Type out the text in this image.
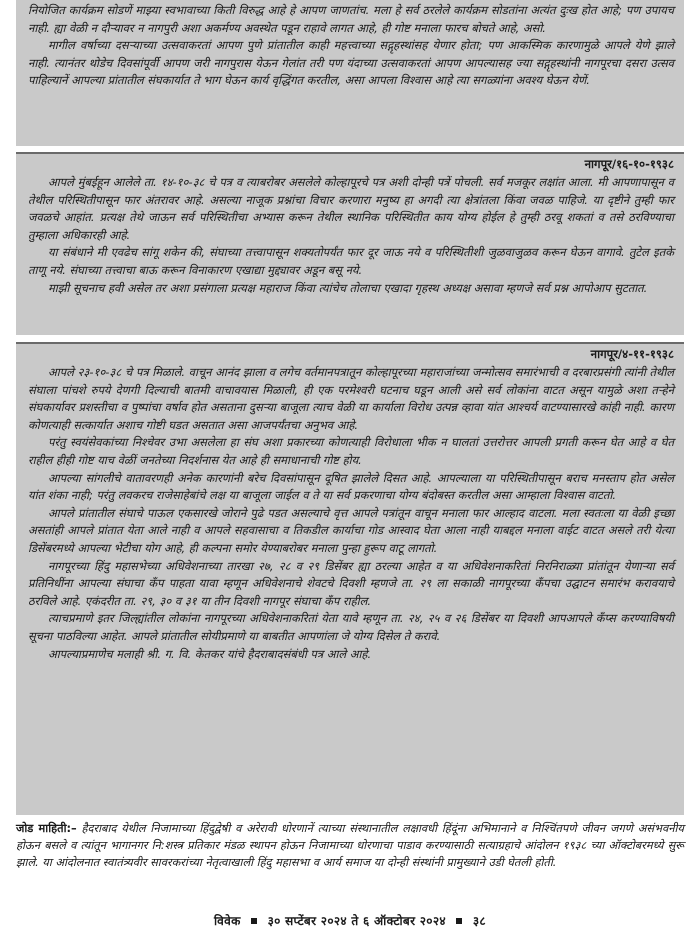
नियोजित कार्यक्रम सोडणें माझ्या स्वभावाच्या किती विरुद्ध आहे हे आपण जाणतांच. मला हे सर्व ठरलेले कार्यक्रम सोडतांना अत्यंत दुःख होत आहे; पण उपायच नाही. ह्या वेळी न दौऱ्यावर न नागपुरी अशा अकर्मण्य अवस्थेत पडून राहावे लागत आहे, ही गोष्ट मनाला फारच बोचते आहे, असो.

मागील वर्षाच्या दसऱ्याच्या उत्सवाकरतां आपण पुणे प्रांतातील काही महत्त्वाच्या सद्गृहस्थांसह येणार होता; पण आकस्मिक कारणामुळे आपले येणे झाले नाही. त्यानंतर थोडेच दिवसांपूर्वी आपण जरी नागपुरास येऊन गेलांत तरी पण यंदाच्या उत्सवाकरतां आपण आपल्यासह ज्या सद्गृहस्थांनी नागपूरचा दसरा उत्सव पाहिल्यानें आपल्या प्रांतातील संघकार्यात ते भाग घेऊन कार्य वृद्धिंगत करतील, असा आपला विश्वास आहे त्या सगळ्यांना अवश्य घेऊन येणें.

नागपूर/१६-१०-१९३८

आपले मुंबईहून आलेले ता. १४-१०-३८ चे पत्र व त्याबरोबर असलेले कोल्हापूरचे पत्र अशी दोन्ही पत्रें पोचली. सर्व मजकूर लक्षांत आला. मी आपणापासून व तेथील परिस्थितीपासून फार अंतरावर आहे. असल्या नाजूक प्रश्नांचा विचार करणारा मनुष्य हा अगदी त्या क्षेत्रांतला किंवा जवळ पाहिजे. या दृष्टीने तुम्ही फार जवळचे आहांत. प्रत्यक्ष तेथे जाऊन सर्व परिस्थितीचा अभ्यास करून तेथील स्थानिक परिस्थितीत काय योग्य होईल हे तुम्ही ठरवू शकतां व तसे ठरविण्याचा तुम्हाला अधिकारही आहे.

या संबंधाने मी एवढेच सांगू शकेन की, संघाच्या तत्त्वापासून शक्यतोपर्यंत फार दूर जाऊ नये व परिस्थितीशी जुळवाजुळव करून घेऊन वागावे. तुटेल इतके ताणू नये. संघाच्या तत्त्वाचा बाऊ करून विनाकारण एखाद्या मुद्द्यावर अडून बसू नये.

माझी सूचनाच हवी असेल तर अशा प्रसंगाला प्रत्यक्ष महाराज किंवा त्यांचेच तोलाचा एखादा गृहस्थ अध्यक्ष असावा म्हणजे सर्व प्रश्न आपोआप सुटतात.

नागपूर/४-११-१९३८

आपले २३-१०-३८ चे पत्र मिळाले. वाचून आनंद झाला व लगेच वर्तमानपत्रातून कोल्हापूरच्या महाराजांच्या जन्मोत्सव समारंभाची व दरबारप्रसंगी त्यांनी तेथील संघाला पांचशे रुपये देणगी दिल्याची बातमी वाचावयास मिळाली, ही एक परमेश्वरी घटनाच घडून आली असे सर्व लोकांना वाटत असून यामुळे अशा तऱ्हेने संघकार्यावर प्रशस्तीचा व पुष्पांचा वर्षाव होत असताना दुसऱ्या बाजूला त्याच वेळी या कार्याला विरोध उत्पन्न व्हावा यांत आश्चर्य वाटण्यासारखे कांही नाही. कारण कोणत्याही सत्कार्यात अशाच गोष्टी घडत असतात असा आजपर्यंतचा अनुभव आहे.

परंतु स्वयंसेवकांच्या निश्चेवर उभा असलेला हा संघ अशा प्रकारच्या कोणत्याही विरोधाला भीक न घालतां उत्तरोत्तर आपली प्रगती करून घेत आहे व घेत राहील हीही गोष्ट याच वेळीं जनतेच्या निदर्शनास येत आहे ही समाधानाची गोष्ट होय.

आपल्या सांगलीचे वातावरणही अनेक कारणांनी बरेच दिवसांपासून दूषित झालेले दिसत आहे. आपल्याला या परिस्थितीपासून बराच मनस्ताप होत असेल यांत शंका नाही; परंतु लवकरच राजेसाहेबांचे लक्ष या बाजूला जाईल व ते या सर्व प्रकरणाचा योग्य बंदोबस्त करतील असा आम्हाला विश्वास वाटतो.

आपले प्रांतातील संघाचे पाऊल एकसारखे जोराने पुढे पडत असल्याचे वृत्त आपले पत्रांतून वाचून मनाला फार आल्हाद वाटला. मला स्वतःला या वेळी इच्छा असतांही आपले प्रांतात येता आले नाही व आपले सहवासाचा व तिकडील कार्याचा गोड आस्वाद घेता आला नाही याबद्दल मनाला वाईट वाटत असले तरी येत्या डिसेंबरमध्ये आपल्या भेटीचा योग आहे, ही कल्पना समोर येण्याबरोबर मनाला पुन्हा हुरूप वाटू लागतो.

नागपूरच्या हिंदु महासभेच्या अधिवेशनाच्या तारखा २७, २८ व २९ डिसेंबर ह्या ठरल्या आहेत व या अधिवेशनाकरितां निरनिराळ्या प्रांतांतून येणाऱ्या सर्व प्रतिनिधींना आपल्या संघाचा कँप पाहता यावा म्हणून अधिवेशनाचे शेवटचे दिवशी म्हणजे ता. २९ ला सकाळी नागपूरच्या कँपचा उद्घाटन समारंभ करावयाचे ठरविले आहे. एकंदरीत ता. २९, ३० व ३१ या तीन दिवशी नागपूर संघाचा कँप राहील.

त्याचप्रमाणे इतर जिल्ह्यांतील लोकांना नागपूरच्या अधिवेशनाकरितां येता यावे म्हणून ता. २४, २५ व २६ डिसेंबर या दिवशी आपआपले कँप्स करण्याविषयी सूचना पाठविल्या आहेत. आपले प्रांतातील सोयीप्रमाणे या बाबतीत आपणांला जे योग्य दिसेल ते करावे.

आपल्याप्रमाणेच मलाही श्री. ग. वि. केतकर यांचे हैदराबादसंबंधी पत्र आले आहे.

जोड माहिती:– हैदराबाद येथील निजामाच्या हिंदुद्वेषी व अरेरावी धोरणानें त्याच्या संस्थानातील लक्षावधी हिंदूंना अभिमानाने व निश्चिंतपणे जीवन जगणे असंभवनीय होऊन बसले व त्यांतून भागानगर नि:शस्त्र प्रतिकार मंडळ स्थापन होऊन निजामाच्या धोरणाचा पाडाव करण्यासाठी सत्याग्रहाचे आंदोलन १९३८ च्या ऑक्टोबरमध्ये सुरू झाले. या आंदोलनात स्वातंत्र्यवीर सावरकरांच्या नेतृत्वाखाली हिंदु महासभा व आर्य समाज या दोन्ही संस्थांनी प्रामुख्याने उडी घेतली होती.

विवेक ३० सप्टेंबर २०२४ ते ६ ऑक्टोबर २०२४ ३८
